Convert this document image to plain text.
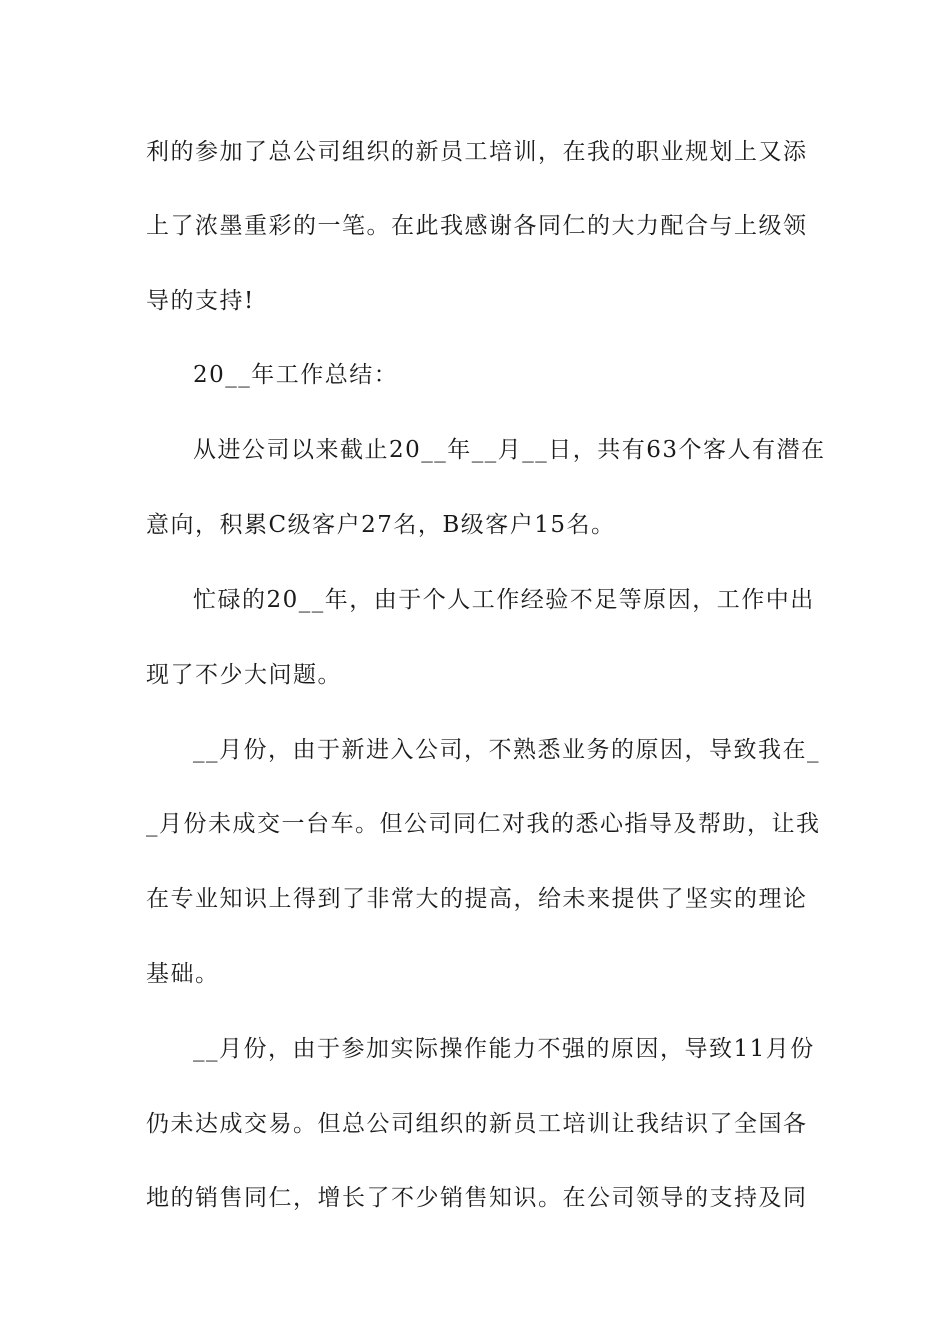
利的参加了总公司组织的新员工培训，在我的职业规划上又添
上了浓墨重彩的一笔。在此我感谢各同仁的大力配合与上级领
导的支持!
20__年工作总结：
从进公司以来截止20__年__月__日，共有63个客人有潜在
意向，积累C级客户27名，B级客户15名。
忙碌的20__年，由于个人工作经验不足等原因，工作中出
现了不少大问题。
__月份，由于新进入公司，不熟悉业务的原因，导致我在_
_月份未成交一台车。但公司同仁对我的悉心指导及帮助，让我
在专业知识上得到了非常大的提高，给未来提供了坚实的理论
基础。
__月份，由于参加实际操作能力不强的原因，导致11月份
仍未达成交易。但总公司组织的新员工培训让我结识了全国各
地的销售同仁，增长了不少销售知识。在公司领导的支持及同
